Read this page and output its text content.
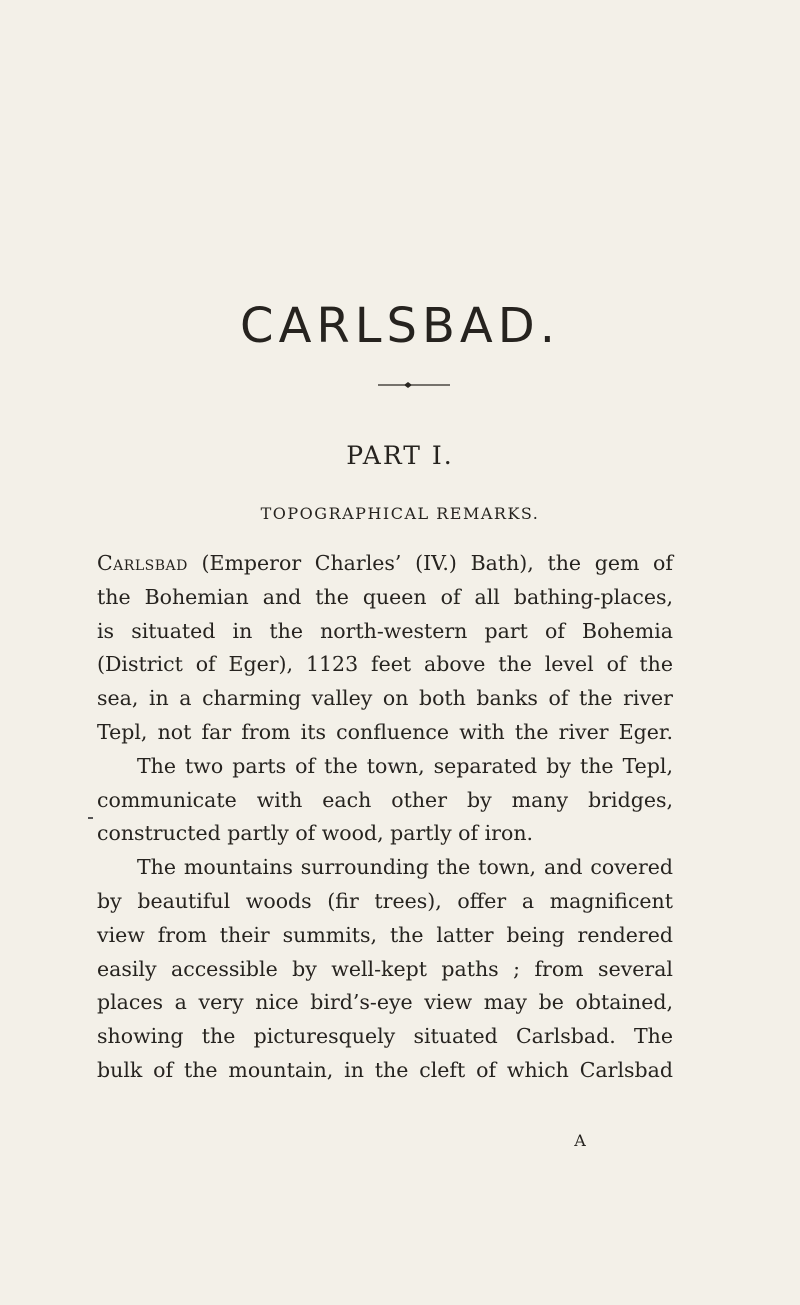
CARLSBAD.
PART I.
TOPOGRAPHICAL REMARKS.

Carlsbad (Emperor Charles’ (IV.) Bath), the gem of
the Bohemian and the queen of all bathing-places,
is situated in the north-western part of Bohemia
(District of Eger), 1123 feet above the level of the
sea, in a charming valley on both banks of the river
Tepl, not far from its confluence with the river Eger.

The two parts of the town, separated by the Tepl,
communicate with each other by many bridges,
constructed partly of wood, partly of iron.

The mountains surrounding the town, and covered
by beautiful woods (fir trees), offer a magnificent
view from their summits, the latter being rendered
easily accessible by well-kept paths ; from several
places a very nice bird’s-eye view may be obtained,
showing the picturesquely situated Carlsbad. The
bulk of the mountain, in the cleft of which Carlsbad

A
